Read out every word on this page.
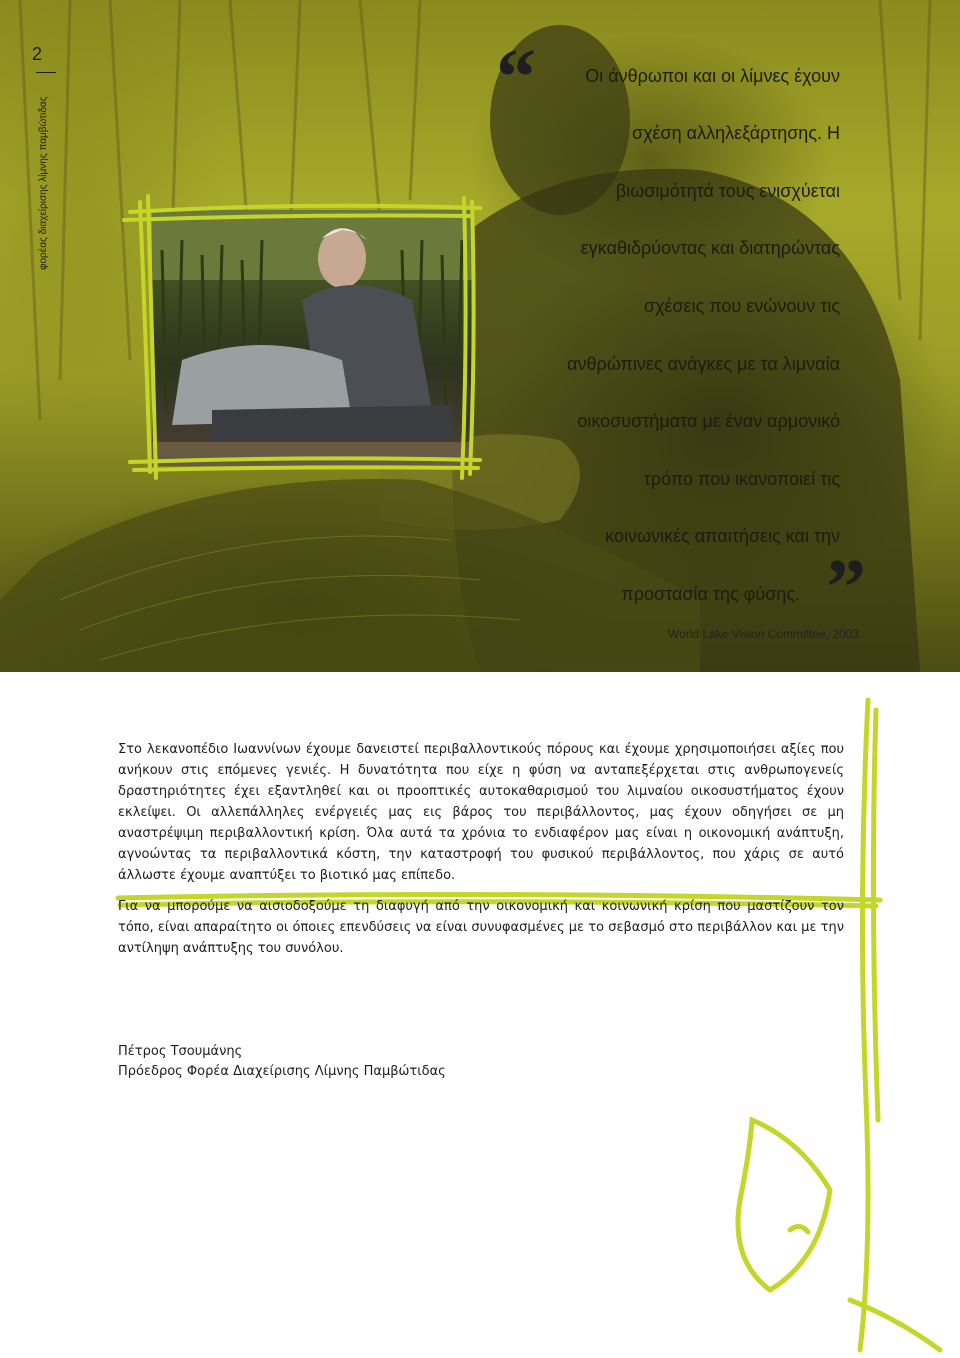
2
φορέας διαχείρισης λίμνης παμβώτιδας
“
”
Οι άνθρωποι και οι λίμνες έχουν
σχέση αλληλεξάρτησης. Η
βιωσιμότητά τους ενισχύεται
εγκαθιδρύοντας και διατηρώντας
σχέσεις που ενώνουν τις
ανθρώπινες ανάγκες με τα λιμναία
οικοσυστήματα με έναν αρμονικό
τρόπο που ικανοποιεί τις
κοινωνικές απαιτήσεις και την
προστασία της φύσης.
World Lake Vision Committee, 2003

Στο λεκανοπέδιο Ιωαννίνων έχουμε δανειστεί περιβαλλοντικούς πόρους και έχουμε χρησιμοποιήσει αξίες που ανήκουν στις επόμενες γενιές. Η δυνατότητα που είχε η φύση να ανταπεξέρχεται στις ανθρωπογενείς δραστηριότητες έχει εξαντληθεί και οι προοπτικές αυτοκαθαρισμού του λιμναίου οικοσυστήματος έχουν εκλείψει. Οι αλλεπάλληλες ενέργειές μας εις βάρος του περιβάλλοντος, μας έχουν οδηγήσει σε μη αναστρέψιμη περιβαλλοντική κρίση. Όλα αυτά τα χρόνια το ενδιαφέρον μας είναι η οικονομική ανάπτυξη, αγνοώντας τα περιβαλλοντικά κόστη, την καταστροφή του φυσικού περιβάλλοντος, που χάρις σε αυτό άλλωστε έχουμε αναπτύξει το βιοτικό μας επίπεδο.

Για να μπορούμε να αισιοδοξούμε τη διαφυγή από την οικονομική και κοινωνική κρίση που μαστίζουν τον τόπο, είναι απαραίτητο οι όποιες επενδύσεις να είναι συνυφασμένες με το σεβασμό στο περιβάλλον και με την αντίληψη ανάπτυξης του συνόλου.

Πέτρος Τσουμάνης
Πρόεδρος Φορέα Διαχείρισης Λίμνης Παμβώτιδας
